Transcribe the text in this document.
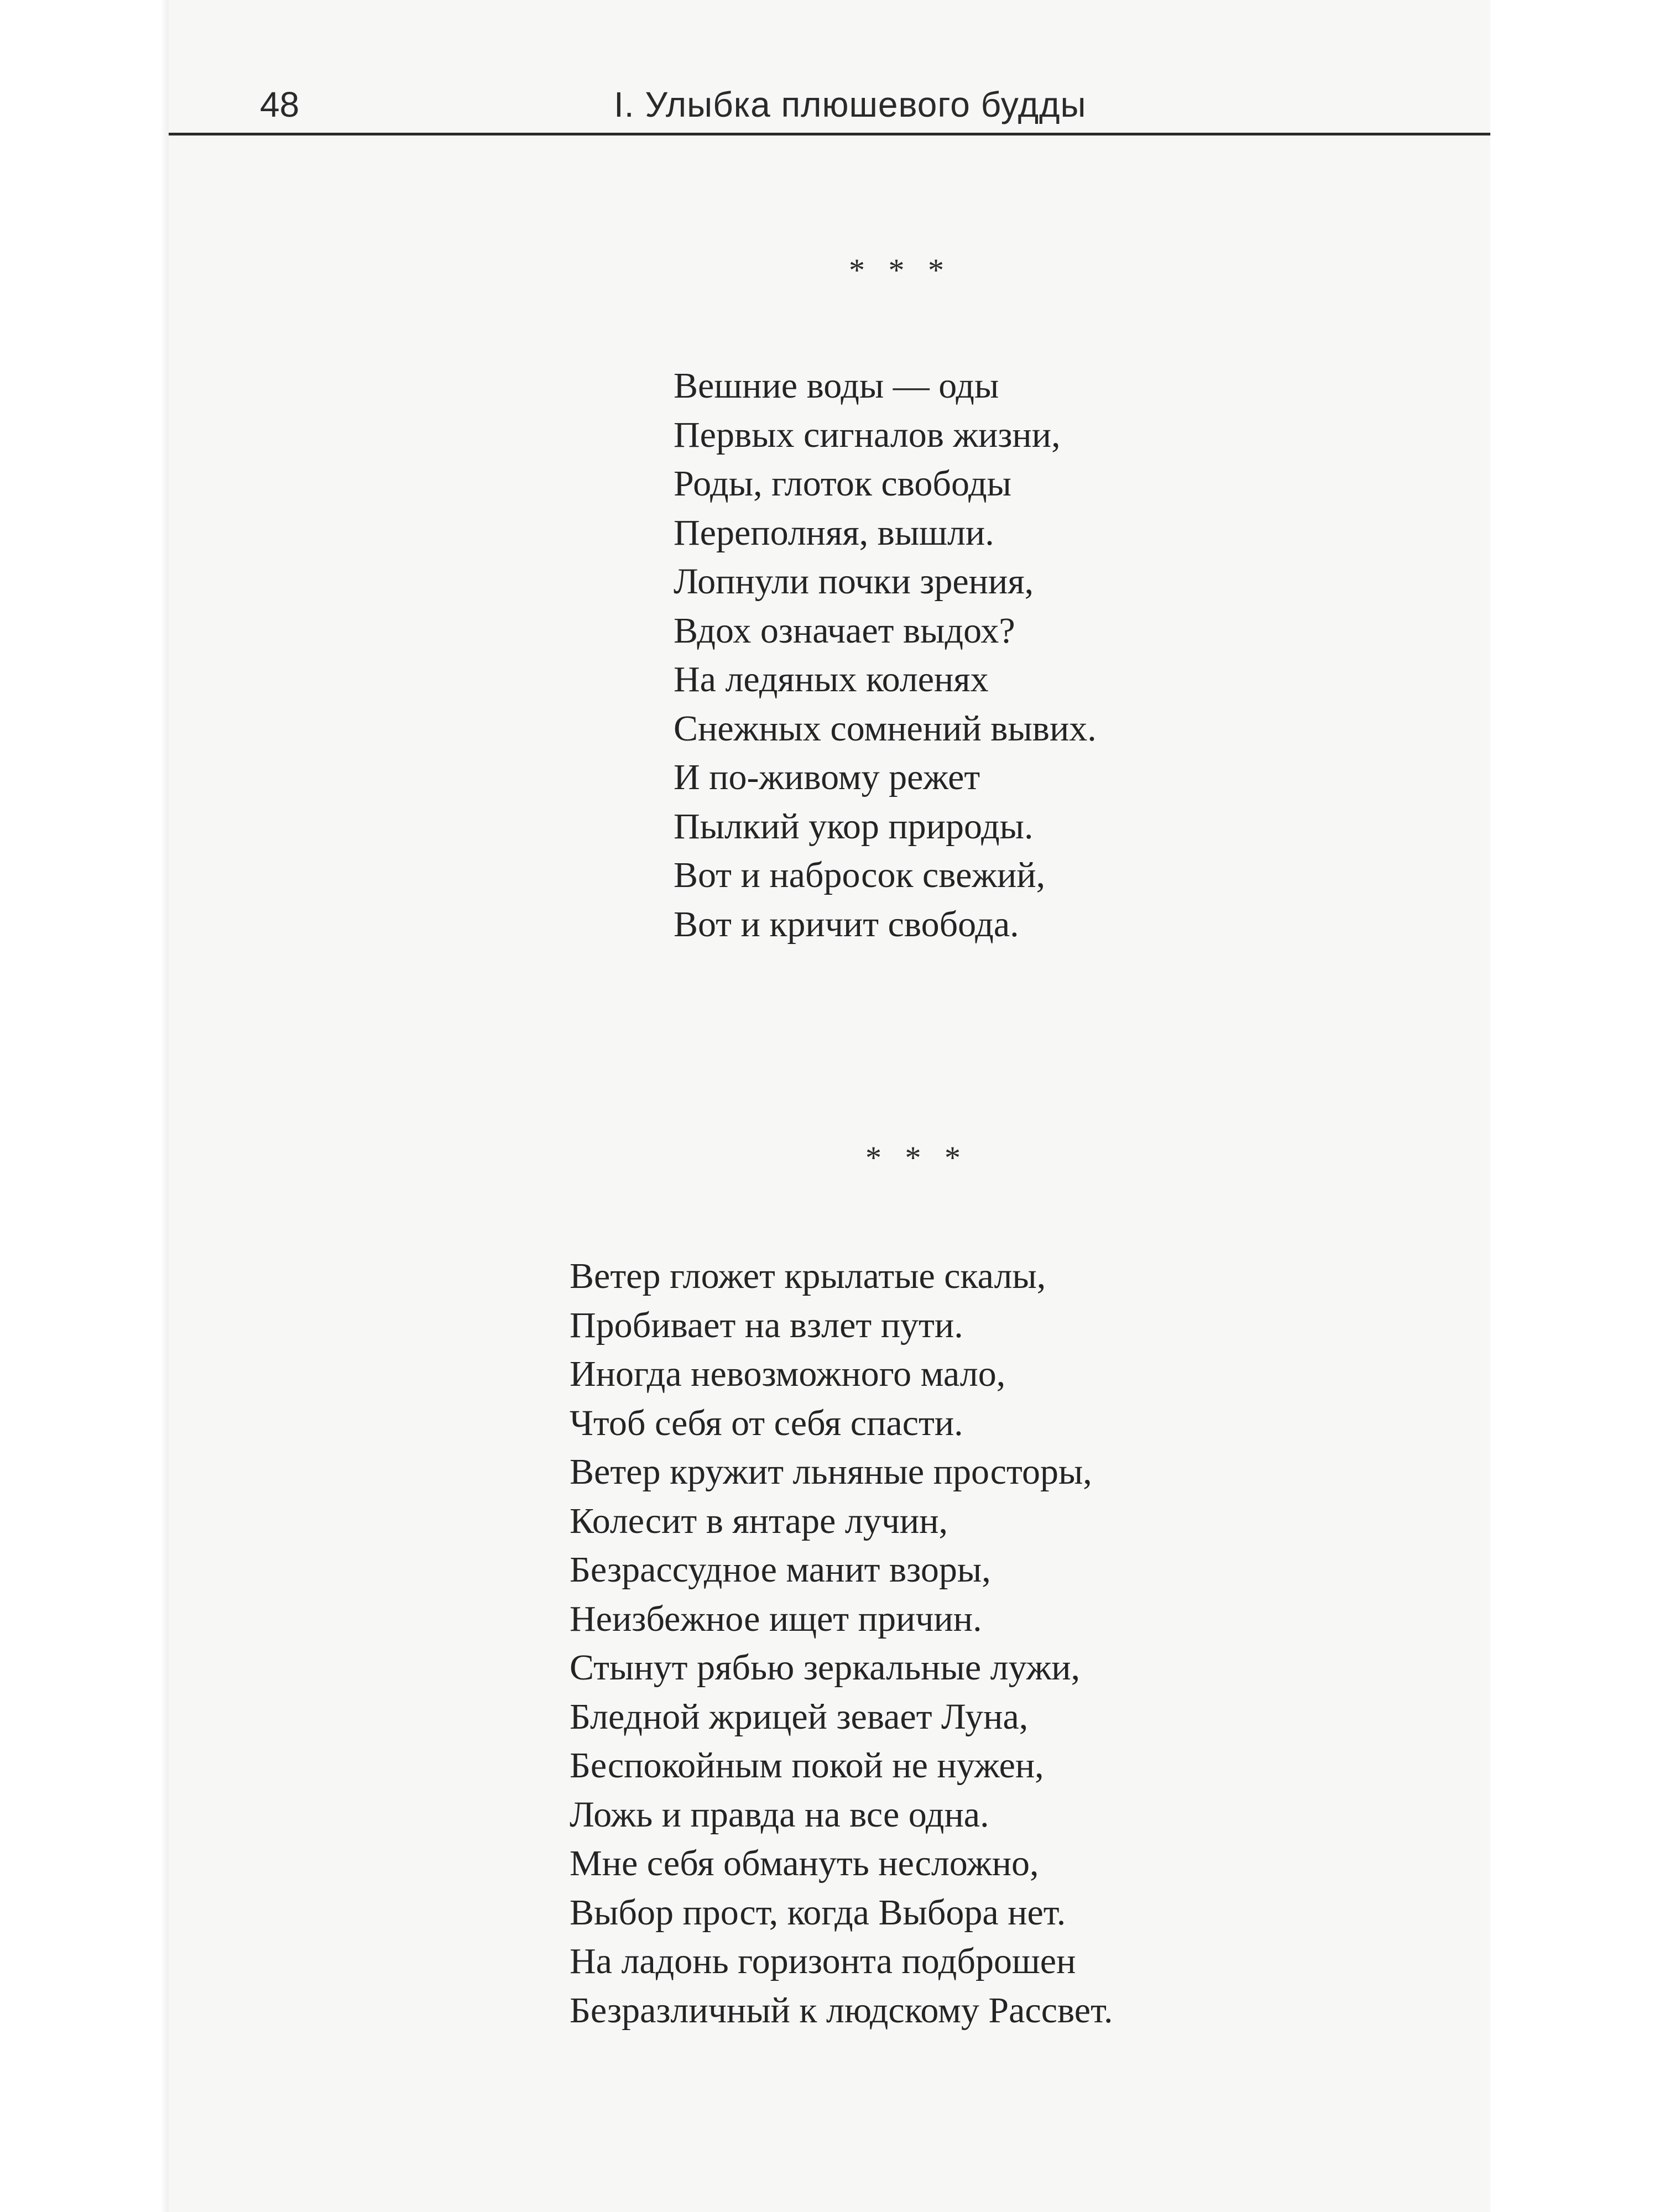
48	I. Улыбка плюшевого будды

* * *

Вешние воды — оды
Первых сигналов жизни,
Роды, глоток свободы
Переполняя, вышли.
Лопнули почки зрения,
Вдох означает выдох?
На ледяных коленях
Снежных сомнений вывих.
И по-живому режет
Пылкий укор природы.
Вот и набросок свежий,
Вот и кричит свобода.

* * *

Ветер гложет крылатые скалы,
Пробивает на взлет пути.
Иногда невозможного мало,
Чтоб себя от себя спасти.
Ветер кружит льняные просторы,
Колесит в янтаре лучин,
Безрассудное манит взоры,
Неизбежное ищет причин.
Стынут рябью зеркальные лужи,
Бледной жрицей зевает Луна,
Беспокойным покой не нужен,
Ложь и правда на все одна.
Мне себя обмануть несложно,
Выбор прост, когда Выбора нет.
На ладонь горизонта подброшен
Безразличный к людскому Рассвет.
